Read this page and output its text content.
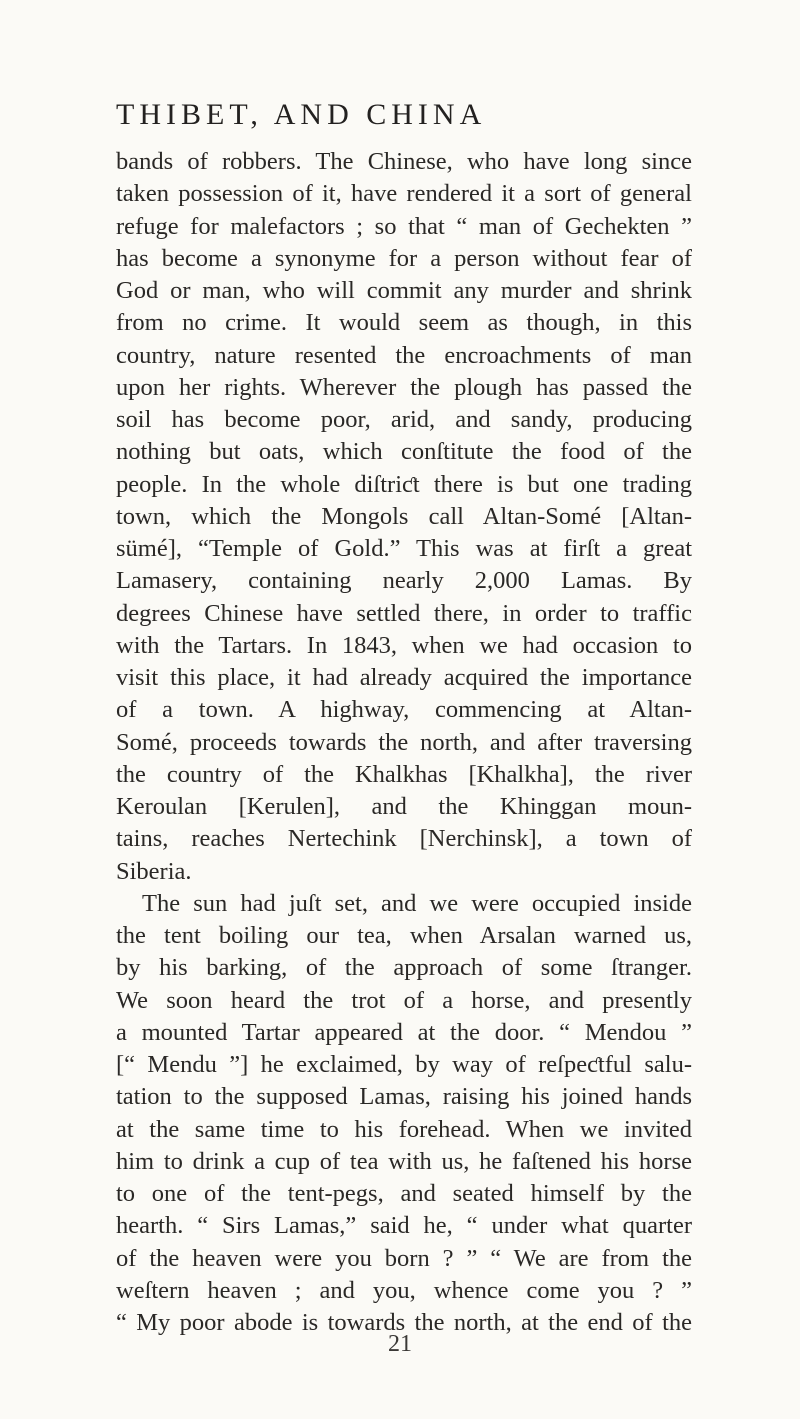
THIBET, AND CHINA
bands of robbers. The Chinese, who have long since
taken possession of it, have rendered it a sort of general
refuge for malefactors ; so that “ man of Gechekten ”
has become a synonyme for a person without fear of
God or man, who will commit any murder and shrink
from no crime. It would seem as though, in this
country, nature resented the encroachments of man
upon her rights. Wherever the plough has passed the
soil has become poor, arid, and sandy, producing
nothing but oats, which conſtitute the food of the
people. In the whole diſtriƈt there is but one trading
town, which the Mongols call Altan-Somé [Altan-
sümé], “Temple of Gold.” This was at firſt a great
Lamasery, containing nearly 2,000 Lamas. By
degrees Chinese have settled there, in order to traffic
with the Tartars. In 1843, when we had occasion to
visit this place, it had already acquired the importance
of a town. A highway, commencing at Altan-
Somé, proceeds towards the north, and after traversing
the country of the Khalkhas [Khalkha], the river
Keroulan [Kerulen], and the Khinggan moun-
tains, reaches Nertechink [Nerchinsk], a town of
Siberia.
The sun had juſt set, and we were occupied inside
the tent boiling our tea, when Arsalan warned us,
by his barking, of the approach of some ſtranger.
We soon heard the trot of a horse, and presently
a mounted Tartar appeared at the door. “ Mendou ”
[“ Mendu ”] he exclaimed, by way of reſpeƈtful salu-
tation to the supposed Lamas, raising his joined hands
at the same time to his forehead. When we invited
him to drink a cup of tea with us, he faſtened his horse
to one of the tent-pegs, and seated himself by the
hearth. “ Sirs Lamas,” said he, “ under what quarter
of the heaven were you born ? ” “ We are from the
weſtern heaven ; and you, whence come you ? ”
“ My poor abode is towards the north, at the end of the
21
